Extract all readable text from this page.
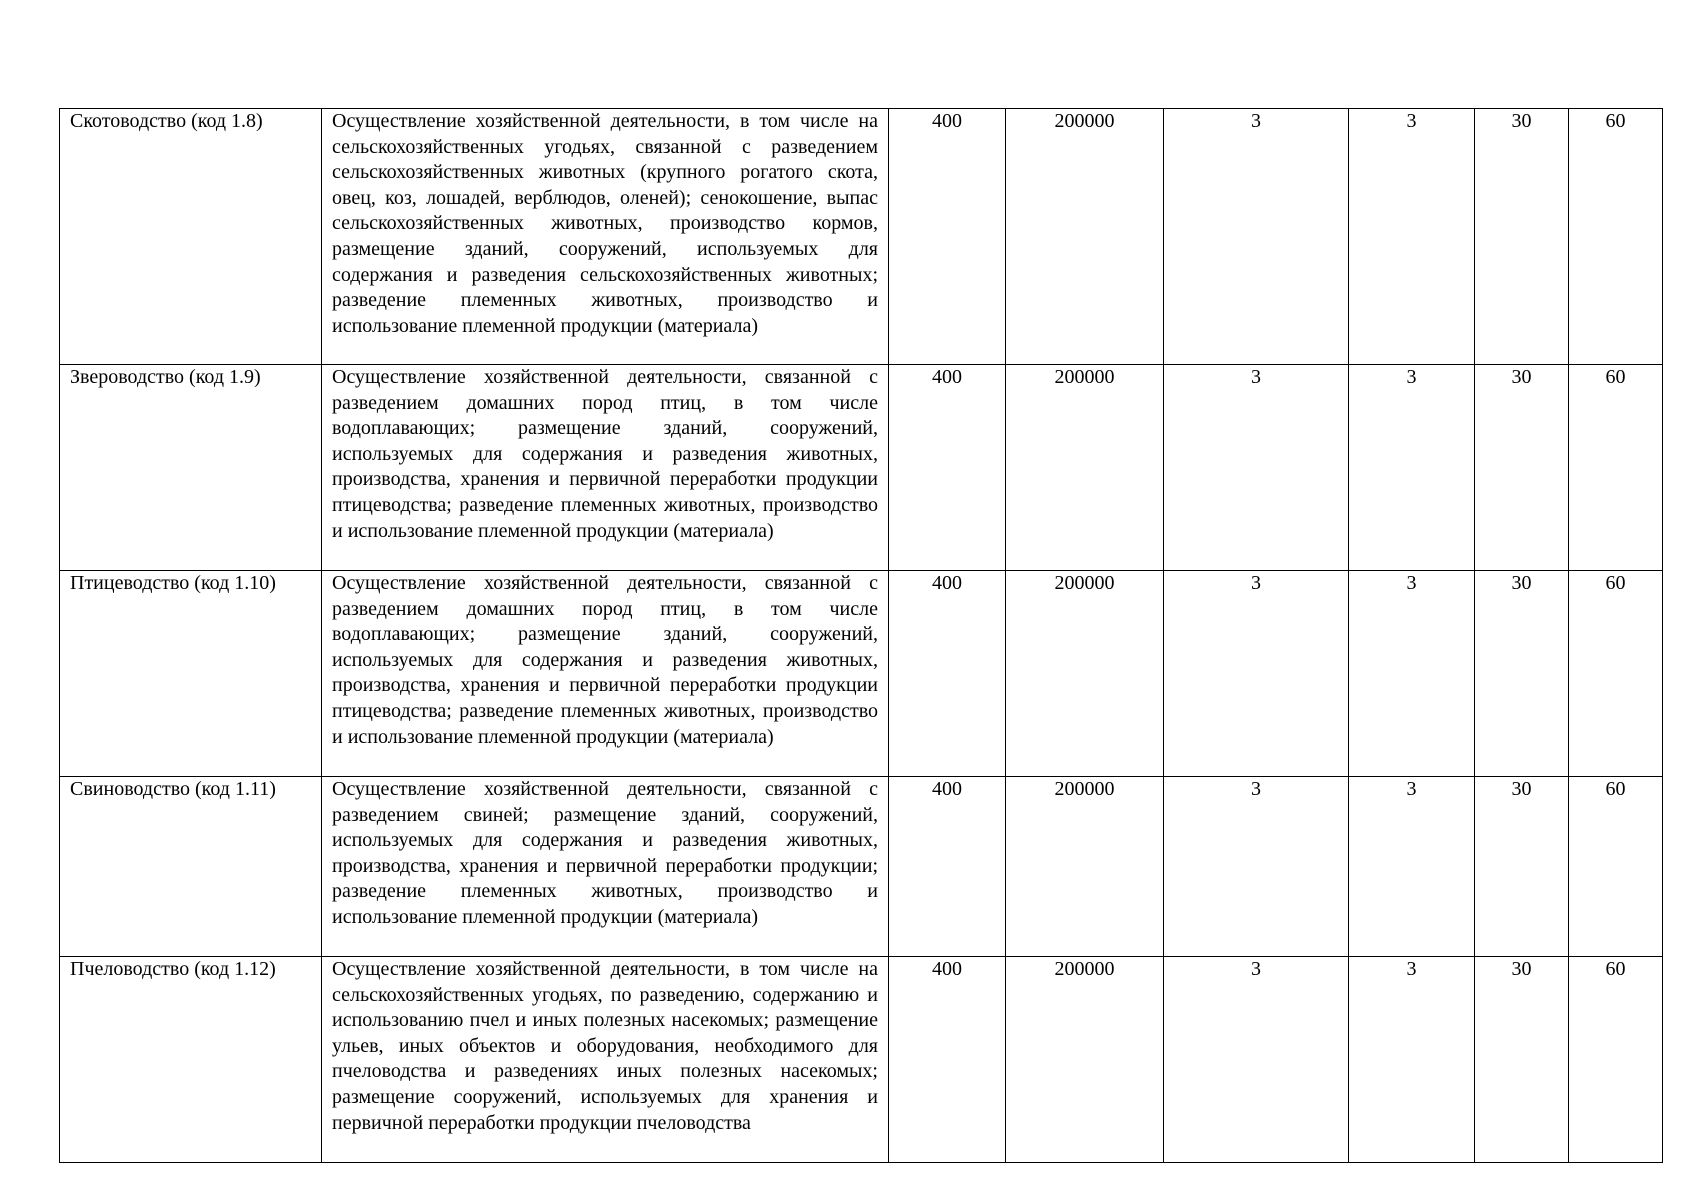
Скотоводство (код 1.8)	Осуществление хозяйственной деятельности, в том числе на сельскохозяйственных угодьях, связанной с разведением сельскохозяйственных животных (крупного рогатого скота, овец, коз, лошадей, верблюдов, оленей); сенокошение, выпас сельскохозяйственных животных, производство кормов, размещение зданий, сооружений, используемых для содержания и разведения сельскохозяйственных животных; разведение племенных животных, производство и использование племенной продукции (материала)	400	200000	3	3	30	60
Звероводство (код 1.9)	Осуществление хозяйственной деятельности, связанной с разведением домашних пород птиц, в том числе водоплавающих; размещение зданий, сооружений, используемых для содержания и разведения животных, производства, хранения и первичной переработки продукции птицеводства; разведение племенных животных, производство и использование племенной продукции (материала)	400	200000	3	3	30	60
Птицеводство (код 1.10)	Осуществление хозяйственной деятельности, связанной с разведением домашних пород птиц, в том числе водоплавающих; размещение зданий, сооружений, используемых для содержания и разведения животных, производства, хранения и первичной переработки продукции птицеводства; разведение племенных животных, производство и использование племенной продукции (материала)	400	200000	3	3	30	60
Свиноводство (код 1.11)	Осуществление хозяйственной деятельности, связанной с разведением свиней; размещение зданий, сооружений, используемых для содержания и разведения животных, производства, хранения и первичной переработки продукции; разведение племенных животных, производство и использование племенной продукции (материала)	400	200000	3	3	30	60
Пчеловодство (код 1.12)	Осуществление хозяйственной деятельности, в том числе на сельскохозяйственных угодьях, по разведению, содержанию и использованию пчел и иных полезных насекомых; размещение ульев, иных объектов и оборудования, необходимого для пчеловодства и разведениях иных полезных насекомых; размещение сооружений, используемых для хранения и первичной переработки продукции пчеловодства	400	200000	3	3	30	60
